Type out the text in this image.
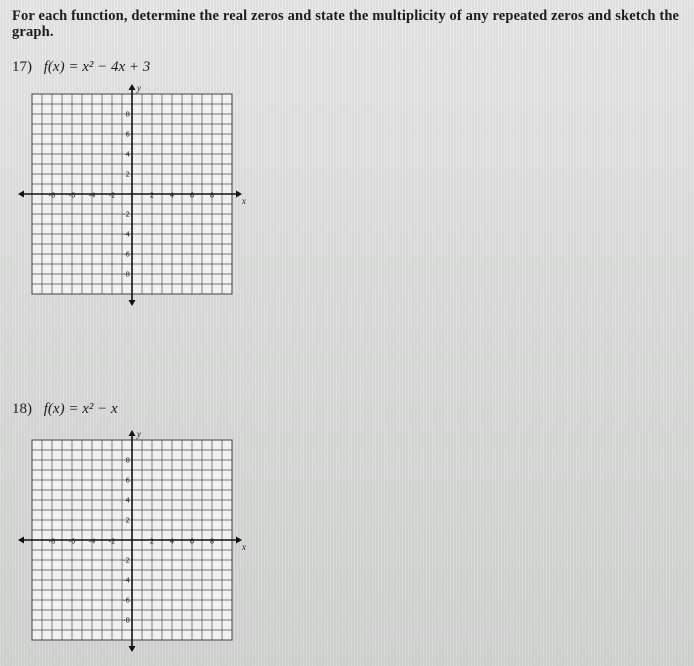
For each function, determine the real zeros and state the multiplicity of any repeated zeros and sketch the graph.

17) f(x) = x² − 4x + 3
-8 -6 -4 -2	2 4 6 8
8
6
4
2
-2
-4
-6
-8
x
y
18) f(x) = x² − x
-8 -6 -4 -2	2 4 6 8
8
6
4
2
-2
-4
-6
-8
x
y
